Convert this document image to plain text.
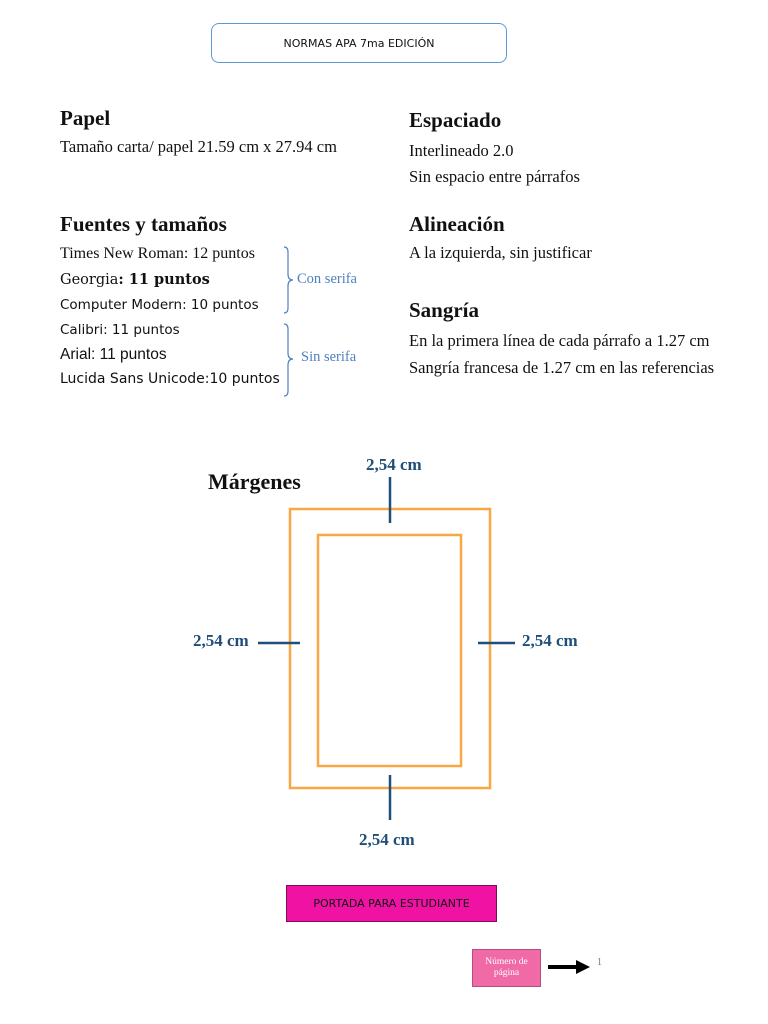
NORMAS APA 7ma EDICIÓN
Papel
Tamaño carta/ papel 21.59 cm x 27.94 cm
Espaciado
Interlineado 2.0
Sin espacio entre párrafos
Fuentes y tamaños
Times New Roman: 12 puntos
Georgia: 11 puntos
Computer Modern: 10 puntos
Calibri: 11 puntos
Arial: 11 puntos
Lucida Sans Unicode:10 puntos
Con serifa
Sin serifa
Alineación
A la izquierda, sin justificar
Sangría
En la primera línea de cada párrafo a 1.27 cm
Sangría francesa de 1.27 cm en las referencias
Márgenes
2,54 cm
2,54 cm	2,54 cm
2,54 cm
PORTADA PARA ESTUDIANTE
Número de página
1
